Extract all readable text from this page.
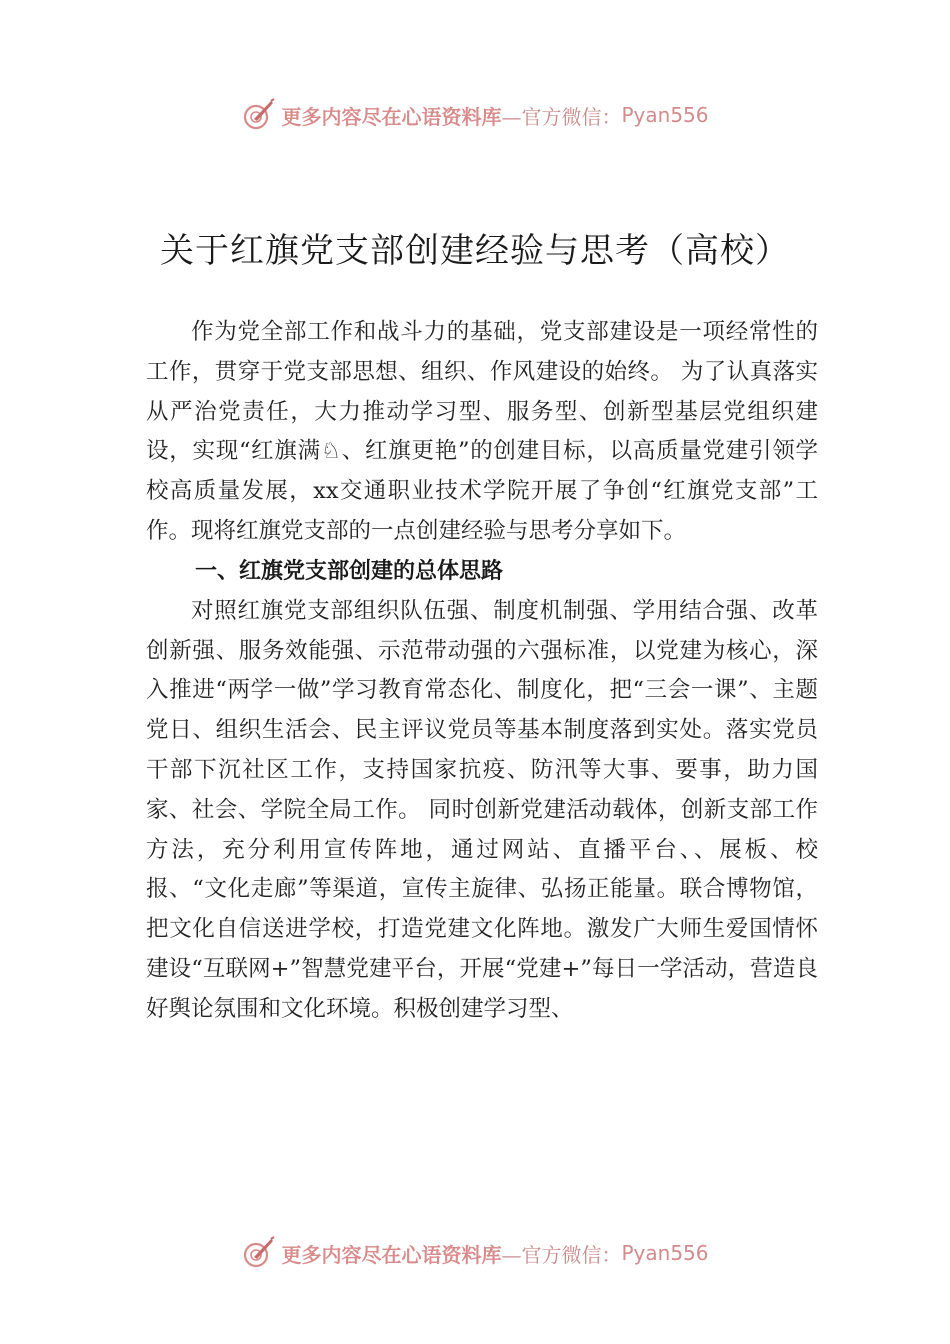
更多内容尽在心语资料库 —官方微信： Pyan556
关于红旗党支部创建经验与思考（高校）

作为党全部工作和战斗力的基础，党支部建设是一项经常性的工作，贯穿于党支部思想、组织、作风建设的始终。 为了认真落实从严治党责任，大力推动学习型、服务型、创新型基层党组织建设，实现“红旗满♘、红旗更艳”的创建目标，以高质量党建引领学校高质量发展，xx交通职业技术学院开展了争创“红旗党支部”工作。现将红旗党支部的一点创建经验与思考分享如下。

一、红旗党支部创建的总体思路

对照红旗党支部组织队伍强、制度机制强、学用结合强、改革创新强、服务效能强、示范带动强的六强标准，以党建为核心，深入推进“两学一做”学习教育常态化、制度化，把“三会一课”、主题党日、组织生活会、民主评议党员等基本制度落到实处。落实党员干部下沉社区工作，支持国家抗疫、防汛等大事、要事，助力国家、社会、学院全局工作。 同时创新党建活动载体，创新支部工作方法，充分利用宣传阵地，通过网站、直播平台、、展板、校报、“文化走廊”等渠道，宣传主旋律、弘扬正能量。联合博物馆， 把文化自信送进学校，打造党建文化阵地。激发广大师生爱国情怀建设“互联网+”智慧党建平台，开展“党建+”每日一学活动，营造良好舆论氛围和文化环境。积极创建学习型、

更多内容尽在心语资料库 —官方微信： Pyan556
